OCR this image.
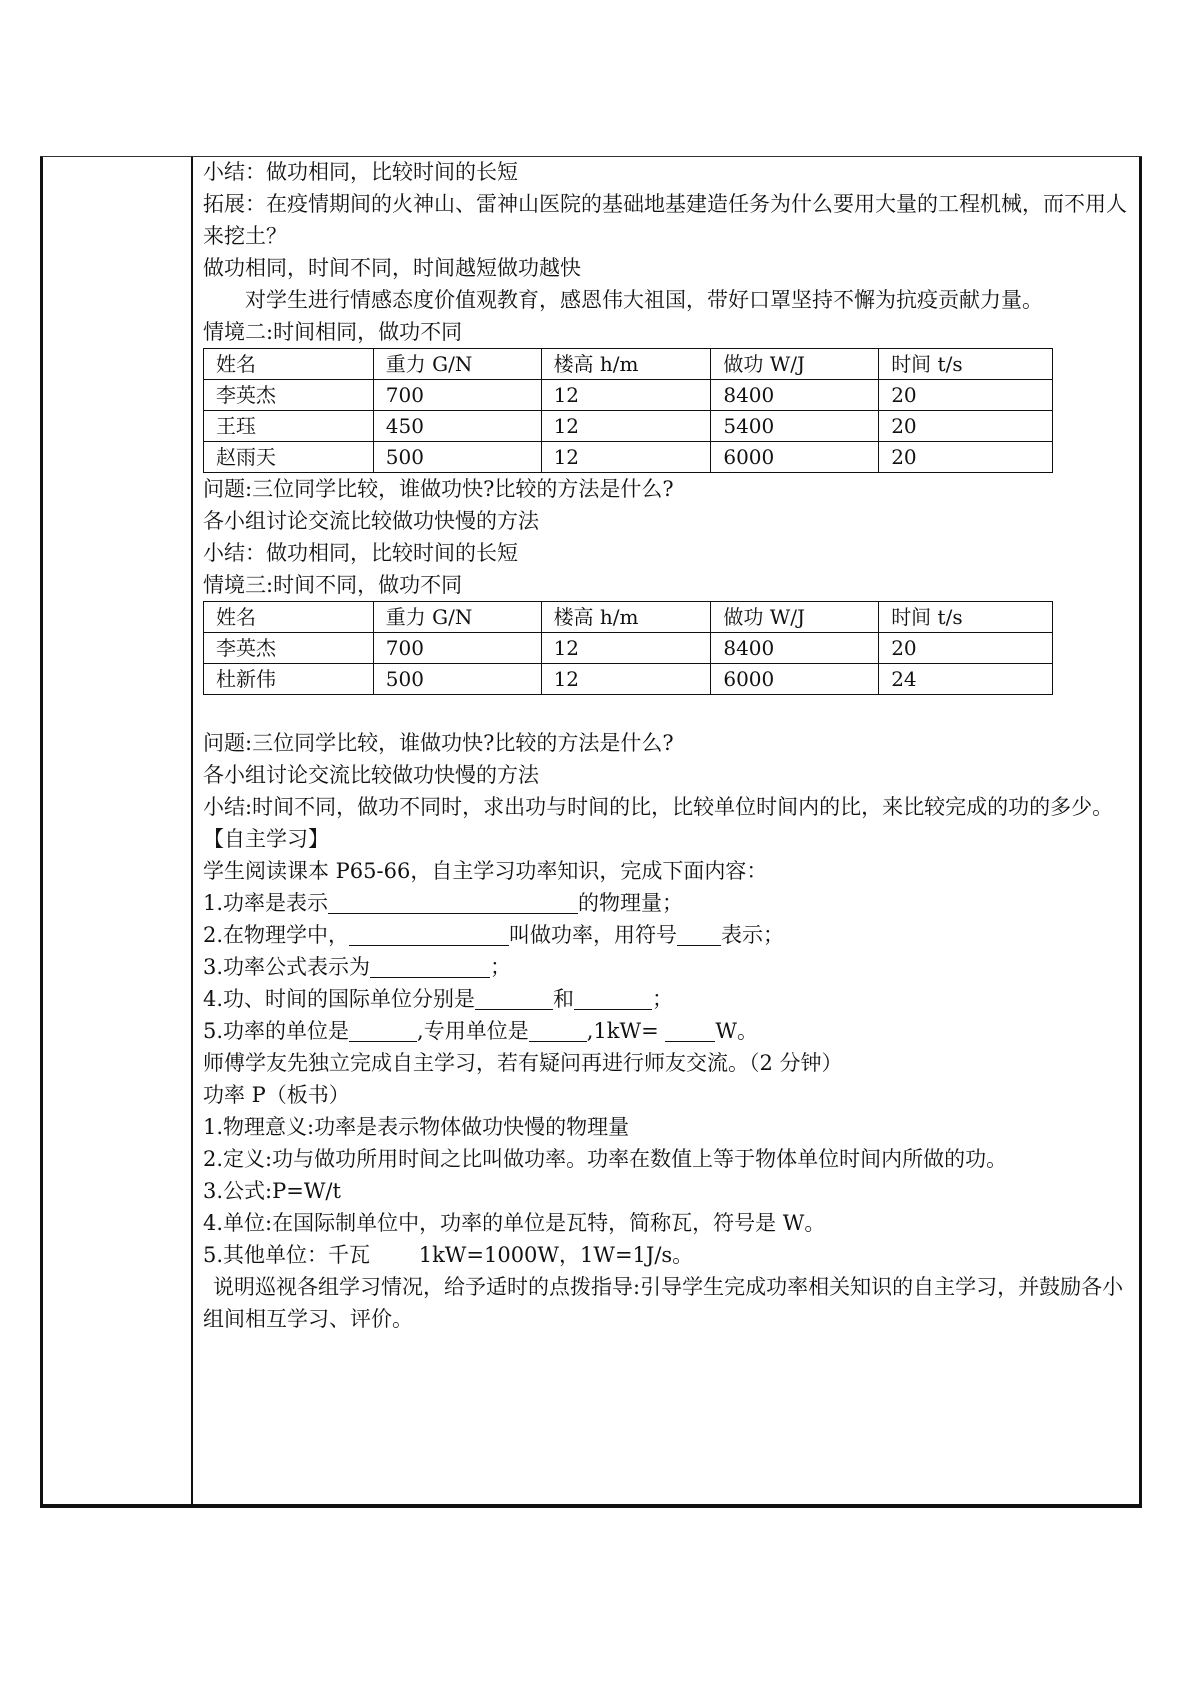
小结：做功相同，比较时间的长短

拓展：在疫情期间的火神山、雷神山医院的基础地基建造任务为什么要用大量的工程机械，而不用人来挖土？

做功相同，时间不同，时间越短做功越快

对学生进行情感态度价值观教育，感恩伟大祖国，带好口罩坚持不懈为抗疫贡献力量。

情境二:时间相同，做功不同

姓名	重力 G/N	楼高 h/m	做功 W/J	时间 t/s
李英杰	700	12	8400	20
王珏	450	12	5400	20
赵雨天	500	12	6000	20

问题:三位同学比较，谁做功快?比较的方法是什么?

各小组讨论交流比较做功快慢的方法

小结：做功相同，比较时间的长短

情境三:时间不同，做功不同

姓名	重力 G/N	楼高 h/m	做功 W/J	时间 t/s
李英杰	700	12	8400	20
杜新伟	500	12	6000	24

问题:三位同学比较，谁做功快?比较的方法是什么?

各小组讨论交流比较做功快慢的方法

小结:时间不同，做功不同时，求出功与时间的比，比较单位时间内的比，来比较完成的功的多少。

【自主学习】

学生阅读课本 P65-66，自主学习功率知识，完成下面内容：

1.功率是表示	的物理量；

2.在物理学中，	叫做功率，用符号 表示；

3.功率公式表示为	；

4.功、时间的国际单位分别是	和	；

5.功率的单位是	,专用单位是	,1kW=	W。

师傅学友先独立完成自主学习，若有疑问再进行师友交流。（2 分钟）

功率 P（板书）

1.物理意义:功率是表示物体做功快慢的物理量

2.定义:功与做功所用时间之比叫做功率。功率在数值上等于物体单位时间内所做的功。

3.公式:P=W/t

4.单位:在国际制单位中，功率的单位是瓦特，简称瓦，符号是 W。

5.其他单位：千瓦　　 1kW=1000W，1W=1J/s。

说明巡视各组学习情况，给予适时的点拨指导:引导学生完成功率相关知识的自主学习，并鼓励各小组间相互学习、评价。
